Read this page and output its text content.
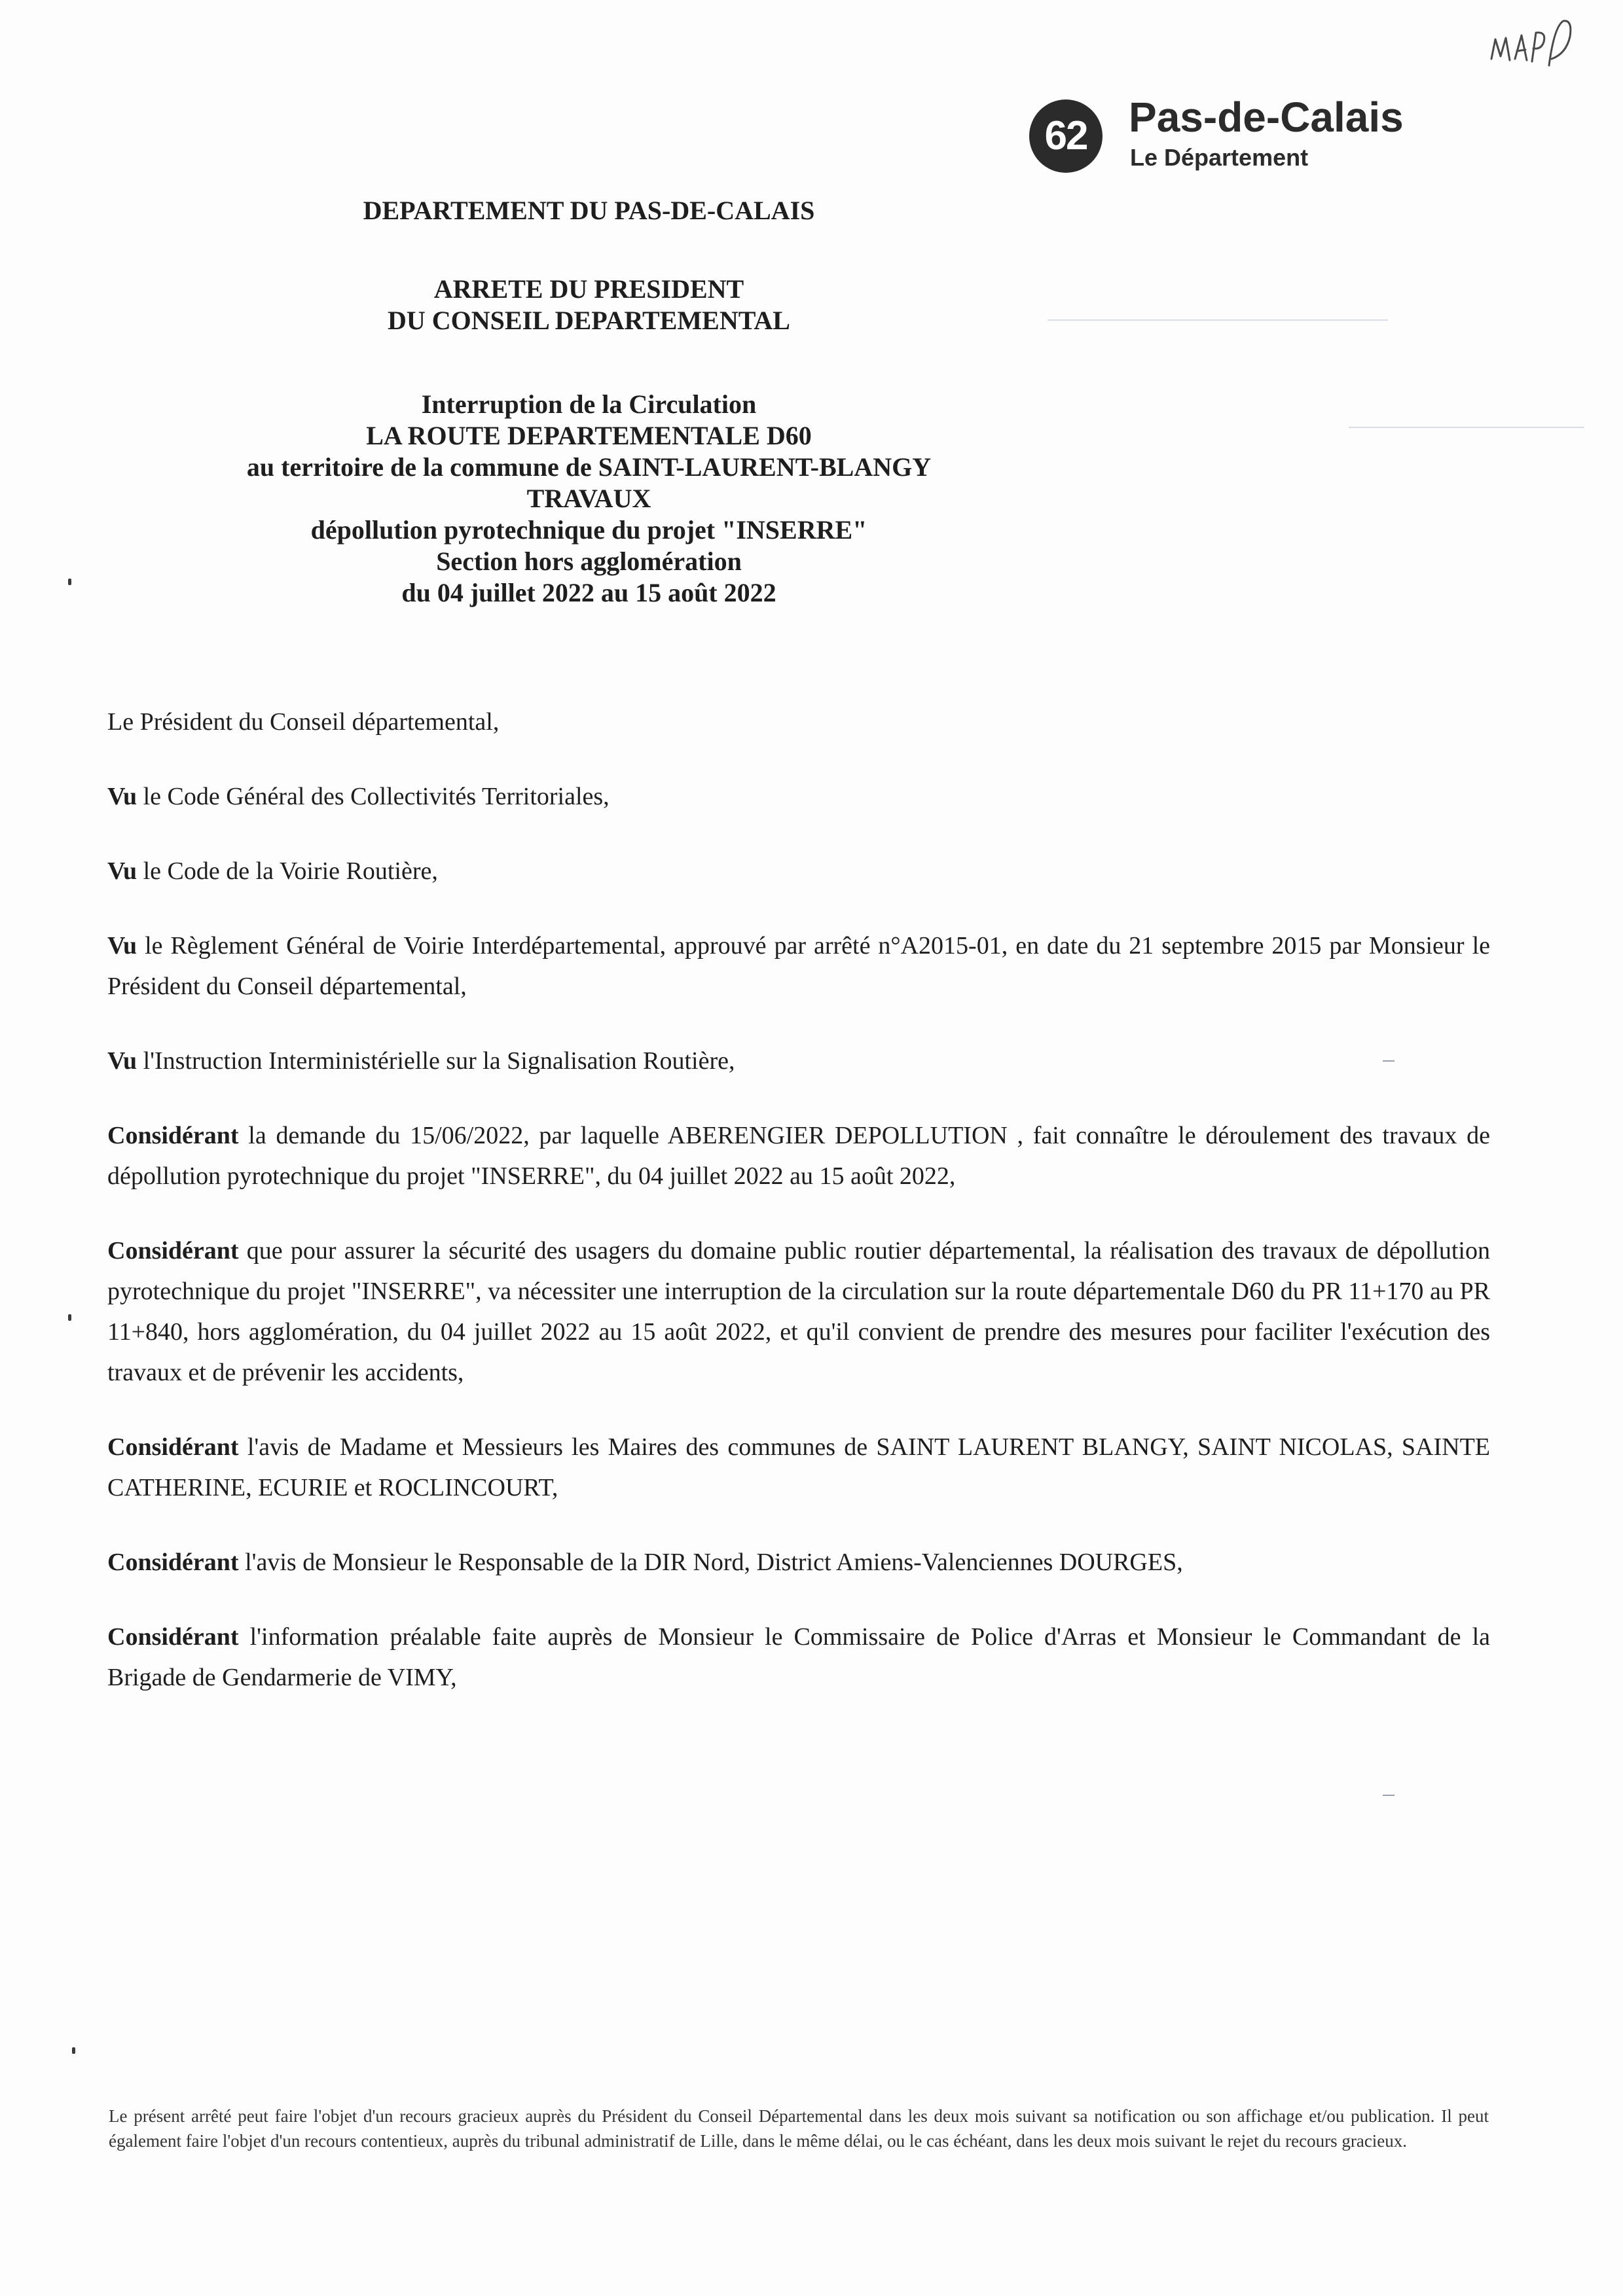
62 Pas-de-Calais
Le Département
DEPARTEMENT DU PAS-DE-CALAIS
ARRETE DU PRESIDENT
DU CONSEIL DEPARTEMENTAL
Interruption de la Circulation
LA ROUTE DEPARTEMENTALE D60
au territoire de la commune de SAINT-LAURENT-BLANGY
TRAVAUX
dépollution pyrotechnique du projet "INSERRE"
Section hors agglomération
du 04 juillet 2022 au 15 août 2022

Le Président du Conseil départemental,

Vu le Code Général des Collectivités Territoriales,

Vu le Code de la Voirie Routière,

Vu le Règlement Général de Voirie Interdépartemental, approuvé par arrêté n°A2015-01, en date du 21 septembre 2015 par Monsieur le Président du Conseil départemental,

Vu l'Instruction Interministérielle sur la Signalisation Routière,

Considérant la demande du 15/06/2022, par laquelle ABERENGIER DEPOLLUTION , fait connaître le déroulement des travaux de dépollution pyrotechnique du projet "INSERRE", du 04 juillet 2022 au 15 août 2022,

Considérant que pour assurer la sécurité des usagers du domaine public routier départemental, la réalisation des travaux de dépollution pyrotechnique du projet "INSERRE", va nécessiter une interruption de la circulation sur la route départementale D60 du PR 11+170 au PR 11+840, hors agglomération, du 04 juillet 2022 au 15 août 2022, et qu'il convient de prendre des mesures pour faciliter l'exécution des travaux et de prévenir les accidents,

Considérant l'avis de Madame et Messieurs les Maires des communes de SAINT LAURENT BLANGY, SAINT NICOLAS, SAINTE CATHERINE, ECURIE et ROCLINCOURT,

Considérant l'avis de Monsieur le Responsable de la DIR Nord, District Amiens-Valenciennes DOURGES,

Considérant l'information préalable faite auprès de Monsieur le Commissaire de Police d'Arras et Monsieur le Commandant de la Brigade de Gendarmerie de VIMY,

Le présent arrêté peut faire l'objet d'un recours gracieux auprès du Président du Conseil Départemental dans les deux mois suivant sa notification ou son affichage et/ou publication. Il peut également faire l'objet d'un recours contentieux, auprès du tribunal administratif de Lille, dans le même délai, ou le cas échéant, dans les deux mois suivant le rejet du recours gracieux.
